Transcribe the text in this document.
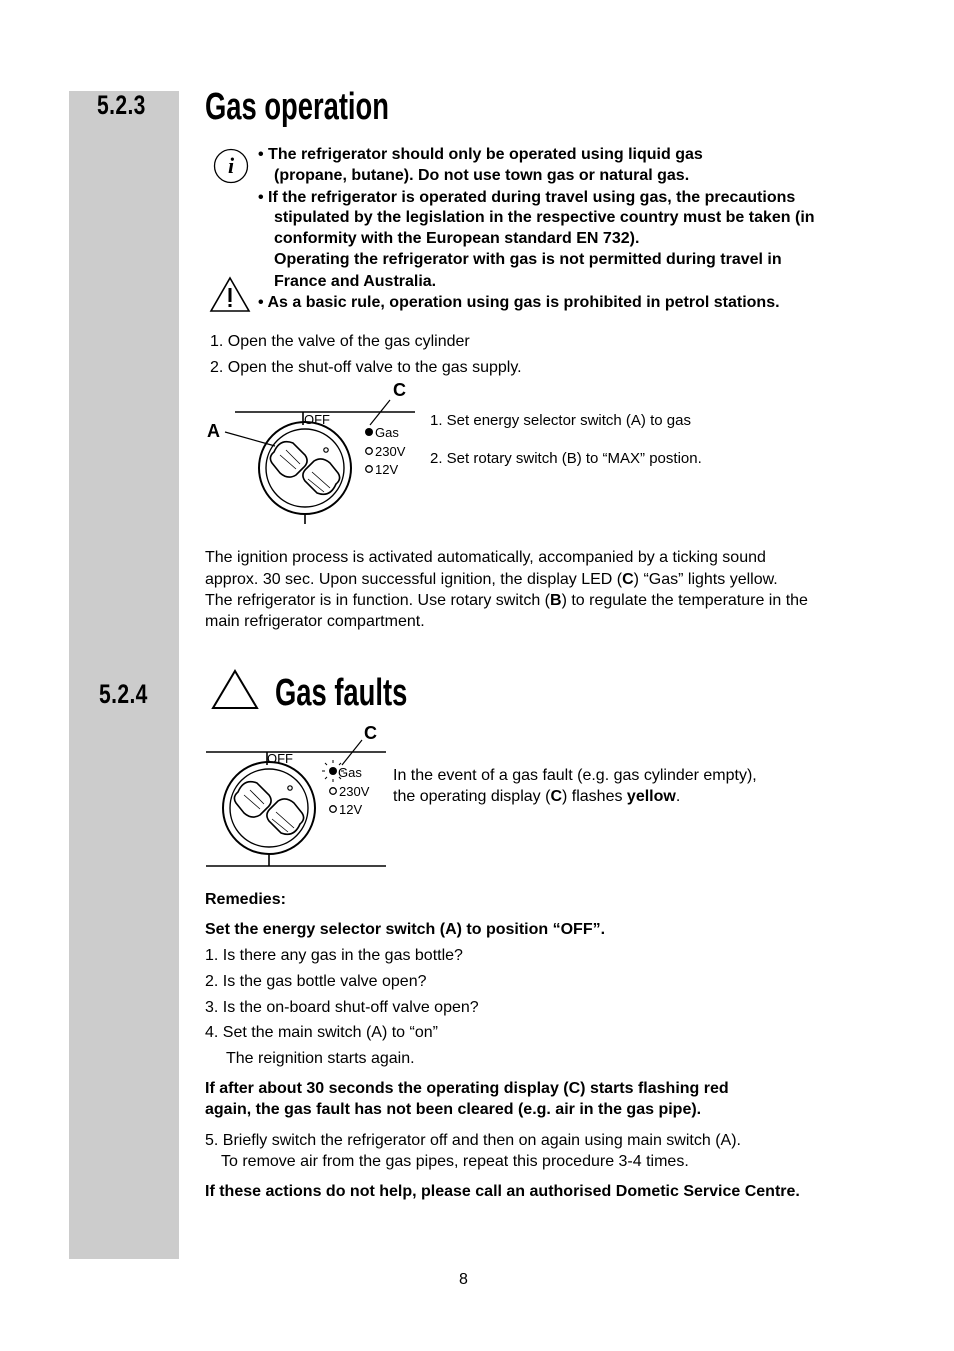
5.2.3 Gas operation
i • The refrigerator should only be operated using liquid gas
(propane, butane). Do not use town gas or natural gas.
• If the refrigerator is operated during travel using gas, the precautions
stipulated by the legislation in the respective country must be taken (in
conformity with the European standard EN 732).
Operating the refrigerator with gas is not permitted during travel in
France and Australia.
• As a basic rule, operation using gas is prohibited in petrol stations.
1. Open the valve of the gas cylinder
2. Open the shut-off valve to the gas supply.
A
C
OFF
Gas
230V
12V
1. Set energy selector switch (A) to gas
2. Set rotary switch (B) to “MAX” postion.
The ignition process is activated automatically, accompanied by a ticking sound
approx. 30 sec. Upon successful ignition, the display LED (C) “Gas” lights yellow.
The refrigerator is in function. Use rotary switch (B) to regulate the temperature in the
main refrigerator compartment.
5.2.4	Gas faults
C
OFF
Gas
230V
12V
In the event of a gas fault (e.g. gas cylinder empty),
the operating display (C) flashes yellow.
Remedies:
Set the energy selector switch (A) to position “OFF”.
1. Is there any gas in the gas bottle?
2. Is the gas bottle valve open?
3. Is the on-board shut-off valve open?
4. Set the main switch (A) to “on”
The reignition starts again.
If after about 30 seconds the operating display (C) starts flashing red
again, the gas fault has not been cleared (e.g. air in the gas pipe).
5. Briefly switch the refrigerator off and then on again using main switch (A).
To remove air from the gas pipes, repeat this procedure 3-4 times.
If these actions do not help, please call an authorised Dometic Service Centre.
8
